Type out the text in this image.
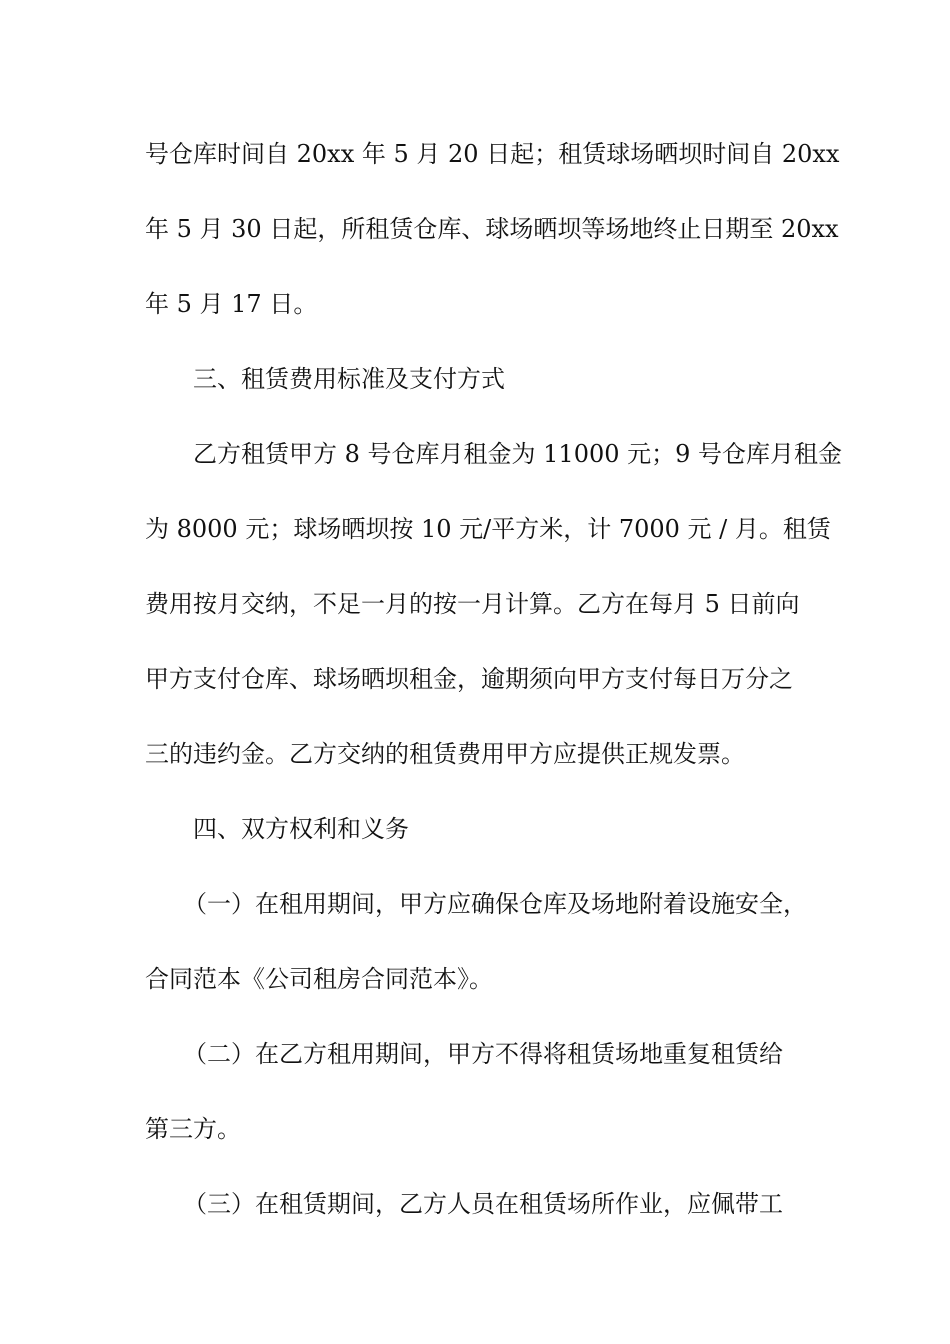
号仓库时间自 20xx 年 5 月 20 日起；租赁球场晒坝时间自 20xx
年 5 月 30 日起，所租赁仓库、球场晒坝等场地终止日期至 20xx
年 5 月 17 日。
三、租赁费用标准及支付方式
乙方租赁甲方 8 号仓库月租金为 11000 元；9 号仓库月租金
为 8000 元；球场晒坝按 10 元/平方米，计 7000 元 / 月。租赁
费用按月交纳，不足一月的按一月计算。乙方在每月 5 日前向
甲方支付仓库、球场晒坝租金，逾期须向甲方支付每日万分之
三的违约金。乙方交纳的租赁费用甲方应提供正规发票。
四、双方权利和义务
（一）在租用期间，甲方应确保仓库及场地附着设施安全，
合同范本《公司租房合同范本》。
（二）在乙方租用期间，甲方不得将租赁场地重复租赁给
第三方。
（三）在租赁期间，乙方人员在租赁场所作业，应佩带工
